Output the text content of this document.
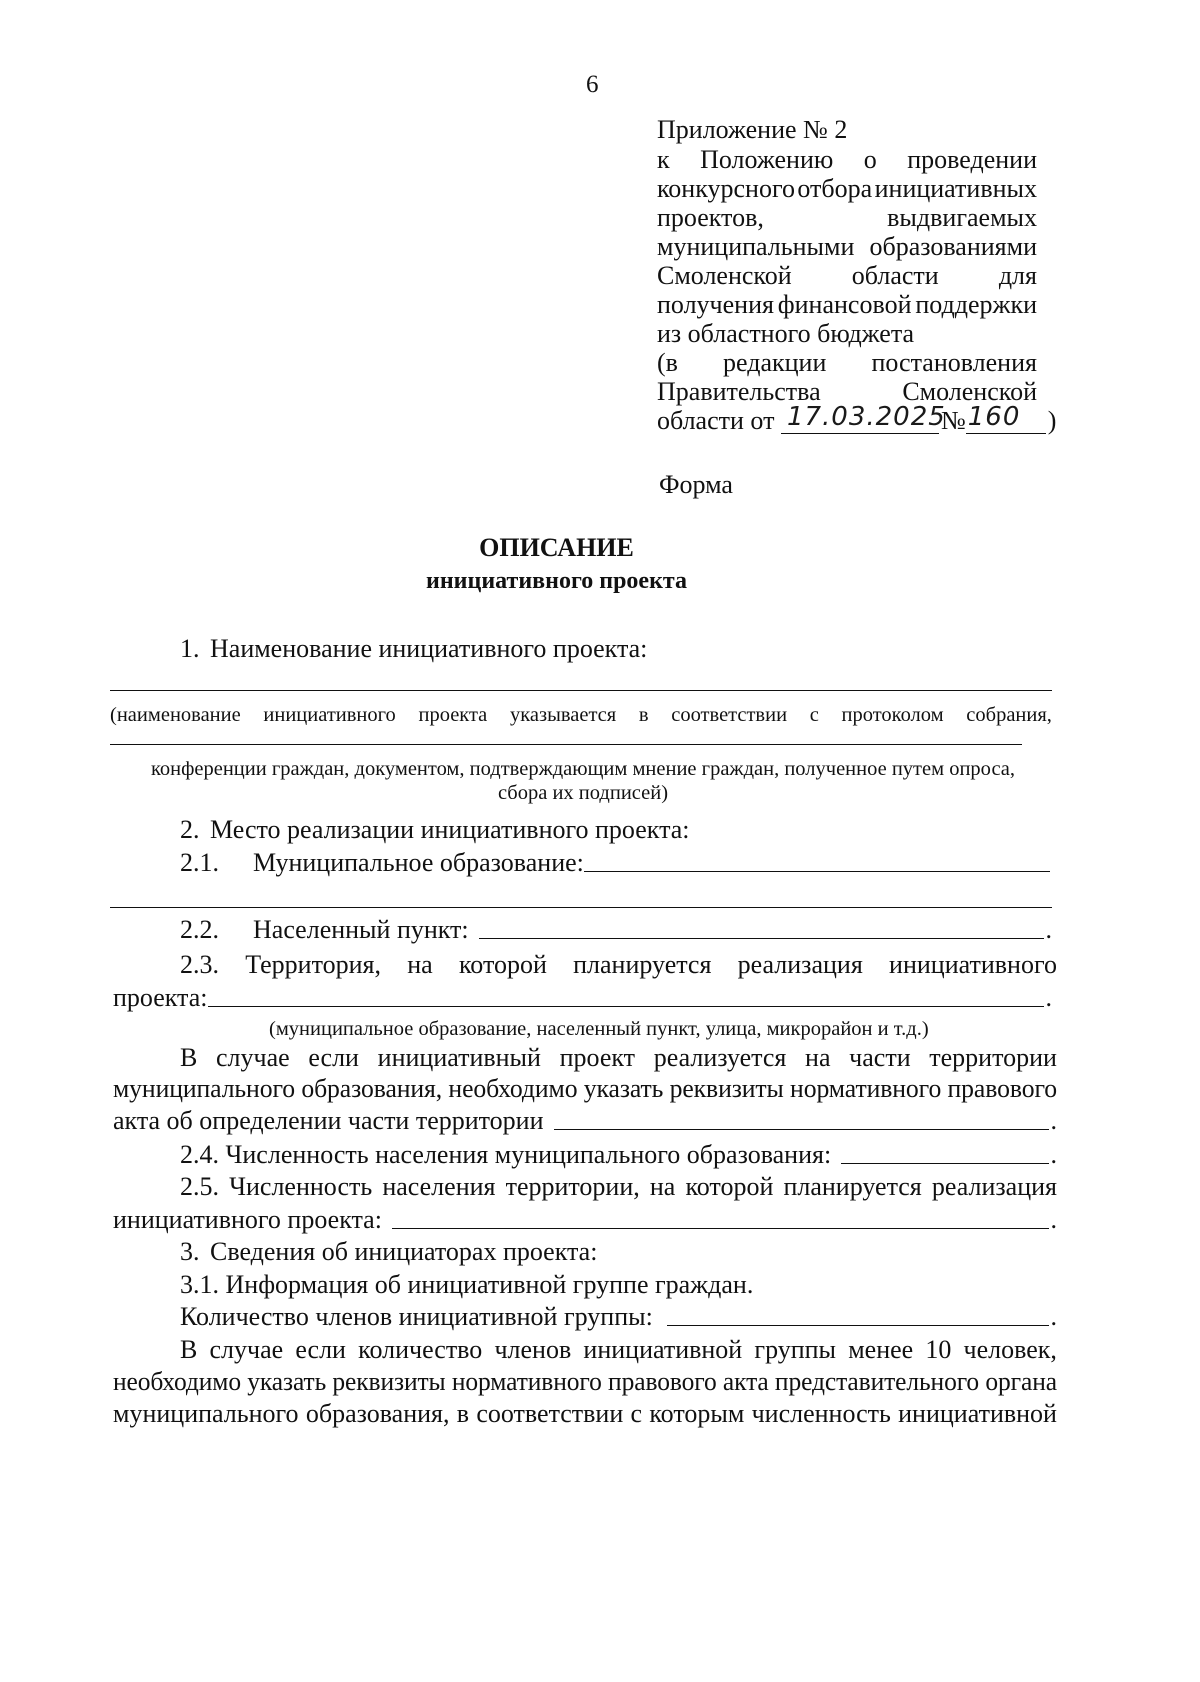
6
Приложение № 2
к Положению о проведении
конкурсного отбора инициативных
проектов,	выдвигаемых
муниципальными образованиями
Смоленской области для
получения финансовой поддержки
из областного бюджета
(в редакции постановления
Правительства	Смоленской
области от 17.03.2025
№ 160 )
Форма
ОПИСАНИЕ
инициативного проекта
1. Наименование инициативного проекта:
(наименование инициативного проекта указывается в соответствии с протоколом собрания,
конференции граждан, документом, подтверждающим мнение граждан, полученное путем опроса,
сбора их подписей)
2. Место реализации инициативного проекта:
2.1. Муниципальное образование:
2.2. Населенный пункт:	.
2.3. Территория, на которой планируется реализация инициативного
проекта:	.
(муниципальное образование, населенный пункт, улица, микрорайон и т.д.)
В случае если инициативный проект реализуется на части территории
муниципального образования, необходимо указать реквизиты нормативного правового
акта об определении части территории	.
2.4. Численность населения муниципального образования:	.
2.5. Численность населения территории, на которой планируется реализация
инициативного проекта:	.
3. Сведения об инициаторах проекта:
3.1. Информация об инициативной группе граждан.
Количество членов инициативной группы:	.
В случае если количество членов инициативной группы менее 10 человек,
необходимо указать реквизиты нормативного правового акта представительного органа
муниципального образования, в соответствии с которым численность инициативной
